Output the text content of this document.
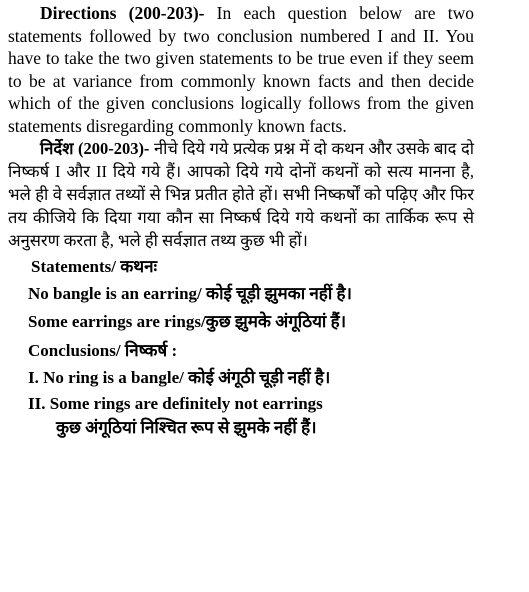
Directions (200-203)- In each question below are two statements followed by two conclusion numbered I and II. You have to take the two given statements to be true even if they seem to be at variance from commonly known facts and then decide which of the given conclusions logically follows from the given statements disregarding commonly known facts.

निर्देश (200-203)- नीचे दिये गये प्रत्येक प्रश्न में दो कथन और उसके बाद दो निष्कर्ष I और II दिये गये हैं। आपको दिये गये दोनों कथनों को सत्य मानना है, भले ही वे सर्वज्ञात तथ्यों से भिन्न प्रतीत होते हों। सभी निष्कर्षों को पढ़िए और फिर तय कीजिये कि दिया गया कौन सा निष्कर्ष दिये गये कथनों का तार्किक रूप से अनुसरण करता है, भले ही सर्वज्ञात तथ्य कुछ भी हों।

Statements/ कथनः

No bangle is an earring/ कोई चूड़ी झुमका नहीं है।

Some earrings are rings/कुछ झुमके अंगूठियां हैं।

Conclusions/ निष्कर्ष :

I. No ring is a bangle/ कोई अंगूठी चूड़ी नहीं है।

II. Some rings are definitely not earrings

कुछ अंगूठियां निश्चित रूप से झुमके नहीं हैं।
